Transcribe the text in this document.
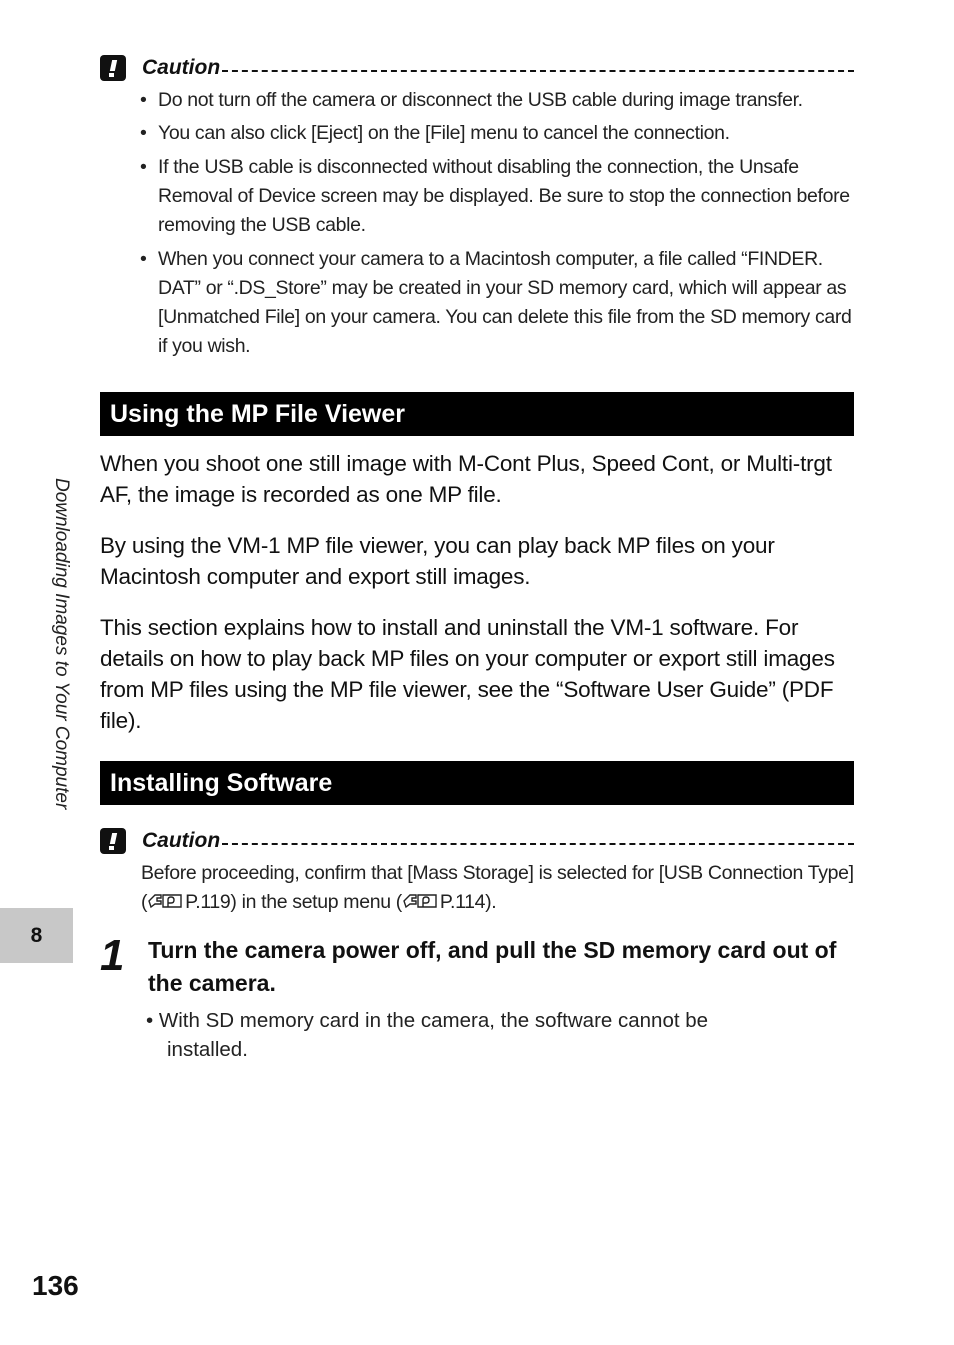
Caution
• Do not turn off the camera or disconnect the USB cable during image transfer.
• You can also click [Eject] on the [File] menu to cancel the connection.
• If the USB cable is disconnected without disabling the connection, the Unsafe Removal of Device screen may be displayed. Be sure to stop the connection before removing the USB cable.
• When you connect your camera to a Macintosh computer, a file called “FINDER. DAT” or “.DS_Store” may be created in your SD memory card, which will appear as [Unmatched File] on your camera. You can delete this file from the SD memory card if you wish.
Using the MP File Viewer
When you shoot one still image with M-Cont Plus, Speed Cont, or Multi-trgt AF, the image is recorded as one MP file.
By using the VM-1 MP file viewer, you can play back MP files on your Macintosh computer and export still images.
This section explains how to install and uninstall the VM-1 software. For details on how to play back MP files on your computer or export still images from MP files using the MP file viewer, see the “Software User Guide” (PDF file).
Installing Software
Caution
Before proceeding, confirm that [Mass Storage] is selected for [USB Connection Type] ( P.119) in the setup menu ( P.114).
1 Turn the camera power off, and pull the SD memory card out of the camera.
• With SD memory card in the camera, the software cannot be
installed.
Downloading Images to Your Computer
8
136
